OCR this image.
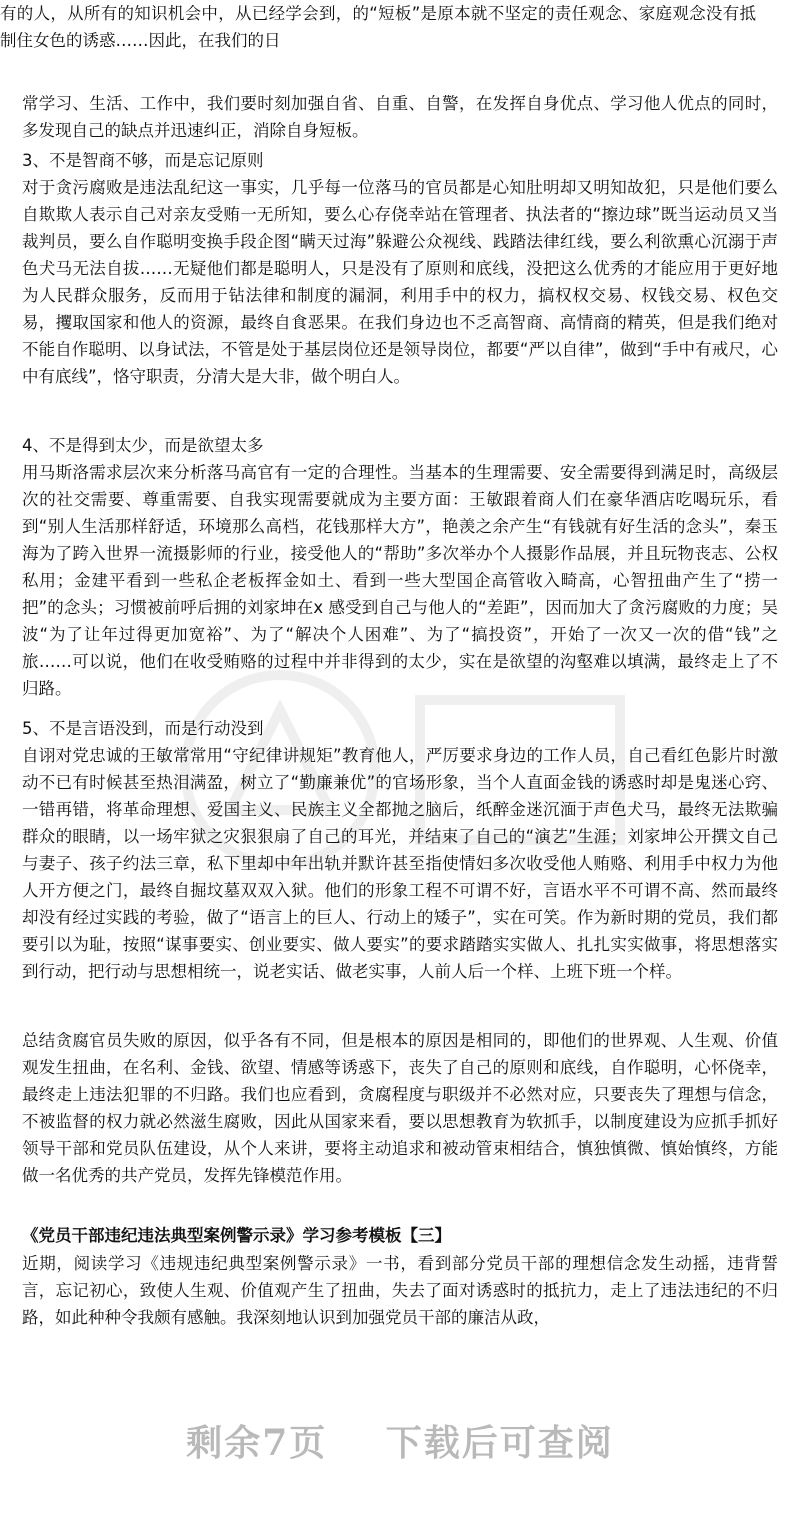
有的人，从所有的知识机会中，从已经学会到，的“短板”是原本就不坚定的责任观念、家庭观念没有抵制住女色的诱惑……因此，在我们的日

常学习、生活、工作中，我们要时刻加强自省、自重、自警，在发挥自身优点、学习他人优点的同时，多发现自己的缺点并迅速纠正，消除自身短板。

3、不是智商不够，而是忘记原则

对于贪污腐败是违法乱纪这一事实，几乎每一位落马的官员都是心知肚明却又明知故犯，只是他们要么自欺欺人表示自己对亲友受贿一无所知，要么心存侥幸站在管理者、执法者的“擦边球”既当运动员又当裁判员，要么自作聪明变换手段企图“瞒天过海”躲避公众视线、践踏法律红线，要么利欲熏心沉溺于声色犬马无法自拔……无疑他们都是聪明人，只是没有了原则和底线，没把这么优秀的才能应用于更好地为人民群众服务，反而用于钻法律和制度的漏洞，利用手中的权力，搞权权交易、权钱交易、权色交易，攫取国家和他人的资源，最终自食恶果。在我们身边也不乏高智商、高情商的精英，但是我们绝对不能自作聪明、以身试法，不管是处于基层岗位还是领导岗位，都要“严以自律”，做到“手中有戒尺，心中有底线”，恪守职责，分清大是大非，做个明白人。

4、不是得到太少，而是欲望太多

用马斯洛需求层次来分析落马高官有一定的合理性。当基本的生理需要、安全需要得到满足时，高级层次的社交需要、尊重需要、自我实现需要就成为主要方面：王敏跟着商人们在豪华酒店吃喝玩乐，看到“别人生活那样舒适，环境那么高档，花钱那样大方”，艳羡之余产生“有钱就有好生活的念头”，秦玉海为了跨入世界一流摄影师的行业，接受他人的“帮助”多次举办个人摄影作品展，并且玩物丧志、公权私用；金建平看到一些私企老板挥金如土、看到一些大型国企高管收入畸高，心智扭曲产生了“捞一把”的念头；习惯被前呼后拥的刘家坤在x 感受到自己与他人的“差距”，因而加大了贪污腐败的力度；吴波“为了让年过得更加宽裕”、为了“解决个人困难”、为了“搞投资”，开始了一次又一次的借“钱”之旅……可以说，他们在收受贿赂的过程中并非得到的太少，实在是欲望的沟壑难以填满，最终走上了不归路。

5、不是言语没到，而是行动没到

自诩对党忠诚的王敏常常用“守纪律讲规矩”教育他人，严厉要求身边的工作人员，自己看红色影片时激动不已有时候甚至热泪满盈，树立了“勤廉兼优”的官场形象，当个人直面金钱的诱惑时却是鬼迷心窍、一错再错，将革命理想、爱国主义、民族主义全都抛之脑后，纸醉金迷沉湎于声色犬马，最终无法欺骗群众的眼睛，以一场牢狱之灾狠狠扇了自己的耳光，并结束了自己的“演艺”生涯；刘家坤公开撰文自己与妻子、孩子约法三章，私下里却中年出轨并默许甚至指使情妇多次收受他人贿赂、利用手中权力为他人开方便之门，最终自掘坟墓双双入狱。他们的形象工程不可谓不好，言语水平不可谓不高、然而最终却没有经过实践的考验，做了“语言上的巨人、行动上的矮子”，实在可笑。作为新时期的党员，我们都要引以为耻，按照“谋事要实、创业要实、做人要实”的要求踏踏实实做人、扎扎实实做事，将思想落实到行动，把行动与思想相统一，说老实话、做老实事，人前人后一个样、上班下班一个样。

总结贪腐官员失败的原因，似乎各有不同，但是根本的原因是相同的，即他们的世界观、人生观、价值观发生扭曲，在名利、金钱、欲望、情感等诱惑下，丧失了自己的原则和底线，自作聪明，心怀侥幸，最终走上违法犯罪的不归路。我们也应看到，贪腐程度与职级并不必然对应，只要丧失了理想与信念，不被监督的权力就必然滋生腐败，因此从国家来看，要以思想教育为软抓手，以制度建设为应抓手抓好领导干部和党员队伍建设，从个人来讲，要将主动追求和被动管束相结合，慎独慎微、慎始慎终，方能做一名优秀的共产党员，发挥先锋模范作用。

《党员干部违纪违法典型案例警示录》学习参考模板【三】

近期，阅读学习《违规违纪典型案例警示录》一书，看到部分党员干部的理想信念发生动摇，违背誓言，忘记初心，致使人生观、价值观产生了扭曲，失去了面对诱惑时的抵抗力，走上了违法违纪的不归路，如此种种令我颇有感触。我深刻地认识到加强党员干部的廉洁从政，

剩余7页 下载后可查阅
